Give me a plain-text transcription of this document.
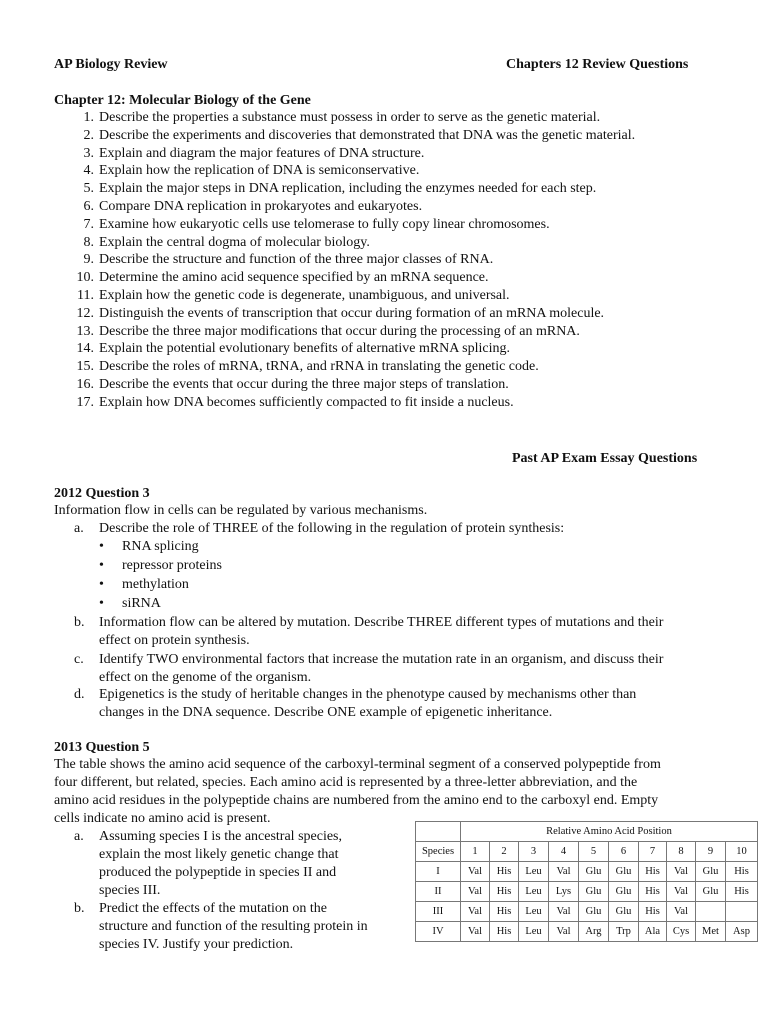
AP Biology Review	Chapters 12 Review Questions
Chapter 12: Molecular Biology of the Gene
1. Describe the properties a substance must possess in order to serve as the genetic material.
2. Describe the experiments and discoveries that demonstrated that DNA was the genetic material.
3. Explain and diagram the major features of DNA structure.
4. Explain how the replication of DNA is semiconservative.
5. Explain the major steps in DNA replication, including the enzymes needed for each step.
6. Compare DNA replication in prokaryotes and eukaryotes.
7. Examine how eukaryotic cells use telomerase to fully copy linear chromosomes.
8. Explain the central dogma of molecular biology.
9. Describe the structure and function of the three major classes of RNA.
10. Determine the amino acid sequence specified by an mRNA sequence.
11. Explain how the genetic code is degenerate, unambiguous, and universal.
12. Distinguish the events of transcription that occur during formation of an mRNA molecule.
13. Describe the three major modifications that occur during the processing of an mRNA.
14. Explain the potential evolutionary benefits of alternative mRNA splicing.
15. Describe the roles of mRNA, tRNA, and rRNA in translating the genetic code.
16. Describe the events that occur during the three major steps of translation.
17. Explain how DNA becomes sufficiently compacted to fit inside a nucleus.
Past AP Exam Essay Questions
2012 Question 3
Information flow in cells can be regulated by various mechanisms.
a. Describe the role of THREE of the following in the regulation of protein synthesis:
•	RNA splicing
•	repressor proteins
•	methylation
•	siRNA
b. Information flow can be altered by mutation. Describe THREE different types of mutations and their
effect on protein synthesis.
c. Identify TWO environmental factors that increase the mutation rate in an organism, and discuss their
effect on the genome of the organism.
d. Epigenetics is the study of heritable changes in the phenotype caused by mechanisms other than
changes in the DNA sequence. Describe ONE example of epigenetic inheritance.
2013 Question 5
The table shows the amino acid sequence of the carboxyl-terminal segment of a conserved polypeptide from
four different, but related, species. Each amino acid is represented by a three-letter abbreviation, and the
amino acid residues in the polypeptide chains are numbered from the amino end to the carboxyl end. Empty
cells indicate no amino acid is present.
a. Assuming species I is the ancestral species,
explain the most likely genetic change that
produced the polypeptide in species II and
species III.
b. Predict the effects of the mutation on the
structure and function of the resulting protein in
species IV. Justify your prediction.
	Relative Amino Acid Position									
Species	1	2	3	4	5	6	7	8	9	10
I	Val	His	Leu	Val	Glu	Glu	His	Val	Glu	His
II	Val	His	Leu	Lys	Glu	Glu	His	Val	Glu	His
III	Val	His	Leu	Val	Glu	Glu	His	Val		
IV	Val	His	Leu	Val	Arg	Trp	Ala	Cys	Met	Asp
